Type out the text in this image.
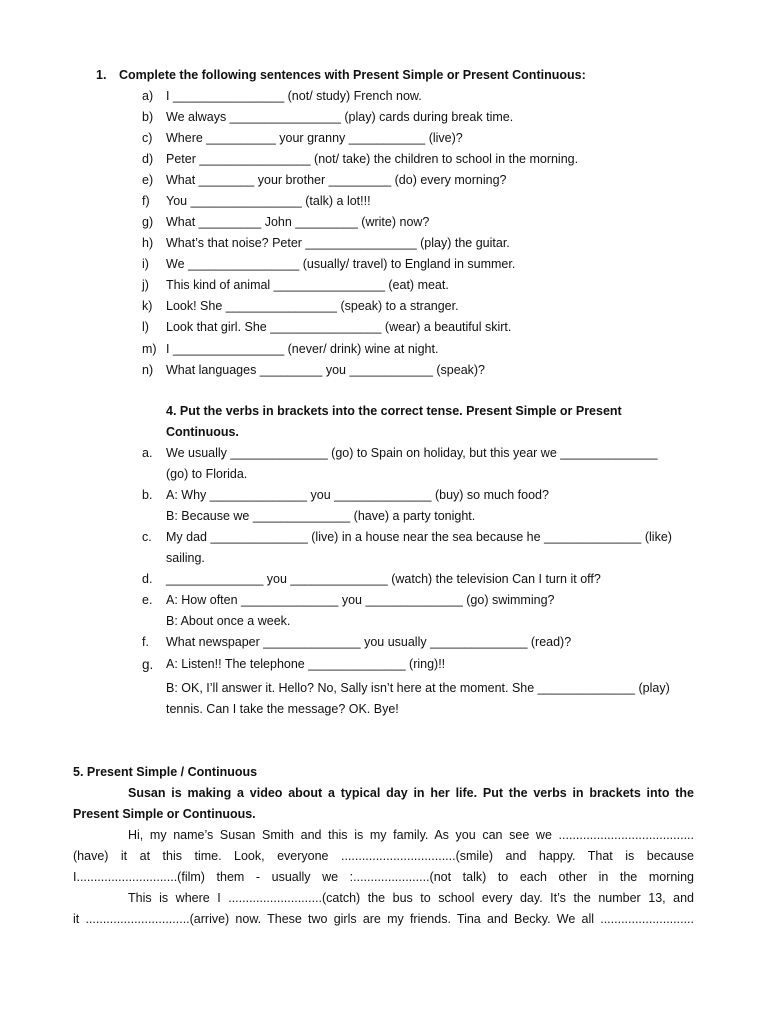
1. Complete the following sentences with Present Simple or Present Continuous:
a) I ________________ (not/ study) French now.
b) We always ________________ (play) cards during break time.
c) Where __________ your granny ___________ (live)?
d) Peter ________________ (not/ take) the children to school in the morning.
e) What ________ your brother _________ (do) every morning?
f) You ________________ (talk) a lot!!!
g) What _________ John _________ (write) now?
h) What’s that noise? Peter ________________ (play) the guitar.
i) We ________________ (usually/ travel) to England in summer.
j) This kind of animal ________________ (eat) meat.
k) Look! She ________________ (speak) to a stranger.
l) Look that girl. She ________________ (wear) a beautiful skirt.
m) I ________________ (never/ drink) wine at night.
n) What languages _________ you ____________ (speak)?
4. Put the verbs in brackets into the correct tense. Present Simple or Present
Continuous.
a. We usually ______________ (go) to Spain on holiday, but this year we ______________
(go) to Florida.
b. A: Why ______________ you ______________ (buy) so much food?
B: Because we ______________ (have) a party tonight.
c. My dad ______________ (live) in a house near the sea because he ______________ (like)
sailing.
d. ______________ you ______________ (watch) the television Can I turn it off?
e. A: How often ______________ you ______________ (go) swimming?
B: About once a week.
f. What newspaper ______________ you usually ______________ (read)?
g. A: Listen!! The telephone ______________ (ring)!!
B: OK, I’ll answer it. Hello? No, Sally isn’t here at the moment. She ______________ (play)
tennis. Can I take the message? OK. Bye!
5. Present Simple / Continuous
Susan is making a video about a typical day in her life. Put the verbs in brackets into the
Present Simple or Continuous.
Hi, my name’s Susan Smith and this is my family. As you can see we .......................................
(have) it at this time. Look, everyone .................................(smile) and happy. That is because
I.............................(film) them - usually we :......................(not talk) to each other in the morning
This is where I ...........................(catch) the bus to school every day. It’s the number 13, and
it ..............................(arrive) now. These two girls are my friends. Tina and Becky. We all ...........................
